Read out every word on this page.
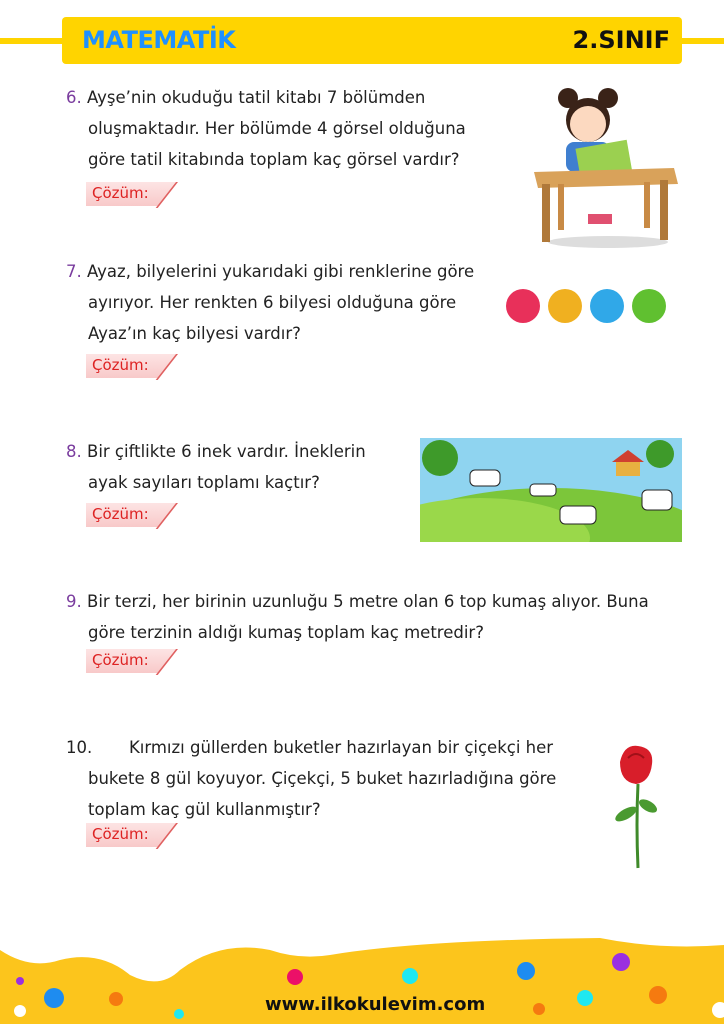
MATEMATİK	2.SINIF
6. Ayşe’nin okuduğu tatil kitabı 7 bölümden
oluşmaktadır. Her bölümde 4 görsel olduğuna
göre tatil kitabında toplam kaç görsel vardır?
Çözüm:
7. Ayaz, bilyelerini yukarıdaki gibi renklerine göre
ayırıyor. Her renkten 6 bilyesi olduğuna göre
Ayaz’ın kaç bilyesi vardır?
Çözüm:
8. Bir çiftlikte 6 inek vardır. İneklerin
ayak sayıları toplamı kaçtır?
Çözüm:
9. Bir terzi, her birinin uzunluğu 5 metre olan 6 top kumaş alıyor. Buna
göre terzinin aldığı kumaş toplam kaç metredir?
Çözüm:
10.       Kırmızı güllerden buketler hazırlayan bir çiçekçi her
bukete 8 gül koyuyor. Çiçekçi, 5 buket hazırladığına göre
toplam kaç gül kullanmıştır?
Çözüm:
www.ilkokulevim.com
